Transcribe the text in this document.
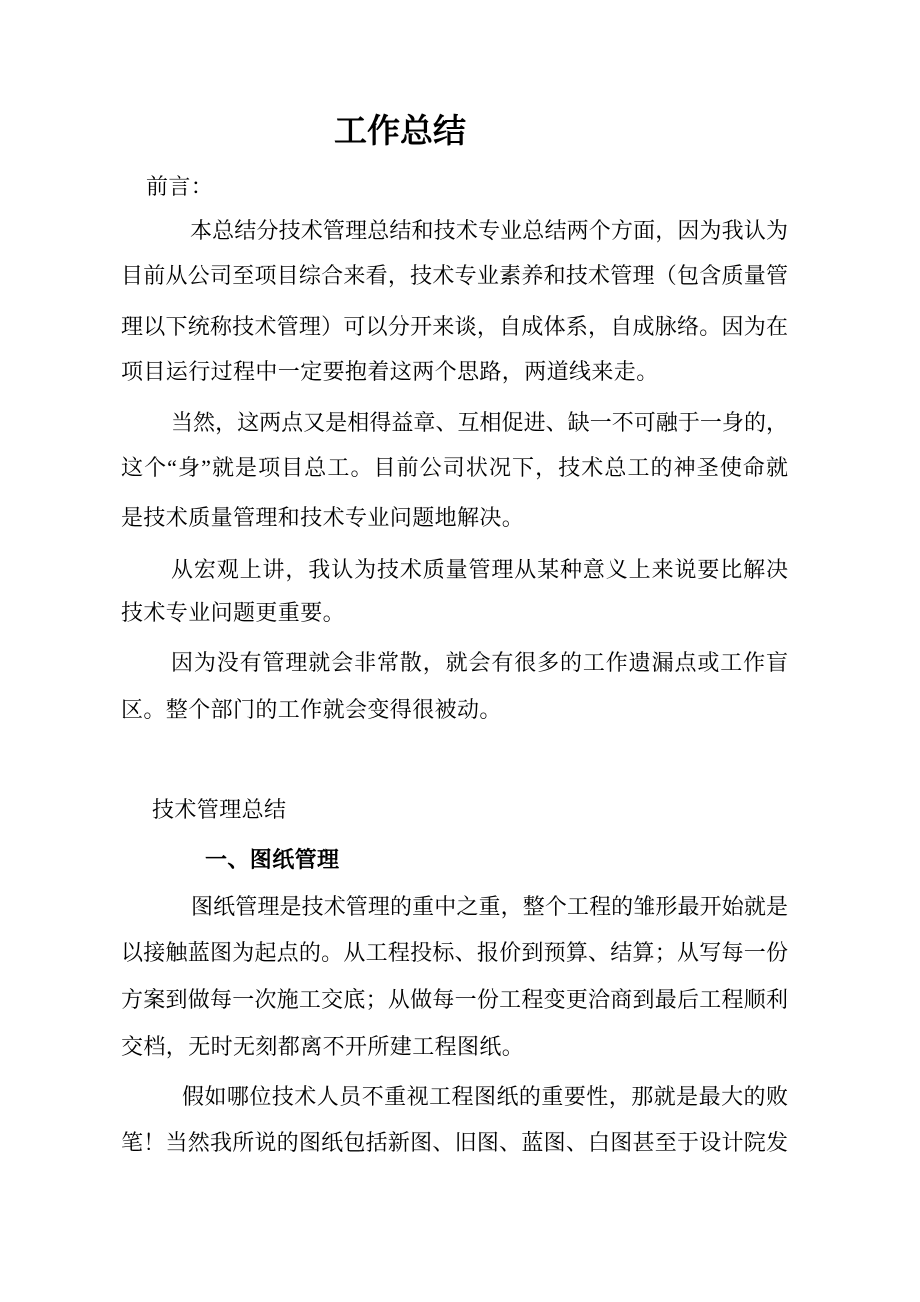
工作总结
前言：
本总结分技术管理总结和技术专业总结两个方面，因为我认为
目前从公司至项目综合来看，技术专业素养和技术管理（包含质量管
理以下统称技术管理）可以分开来谈，自成体系，自成脉络。因为在
项目运行过程中一定要抱着这两个思路，两道线来走。
当然，这两点又是相得益章、互相促进、缺一不可融于一身的，
这个“身”就是项目总工。目前公司状况下，技术总工的神圣使命就
是技术质量管理和技术专业问题地解决。
从宏观上讲，我认为技术质量管理从某种意义上来说要比解决
技术专业问题更重要。
因为没有管理就会非常散，就会有很多的工作遗漏点或工作盲
区。整个部门的工作就会变得很被动。
技术管理总结
一、图纸管理
图纸管理是技术管理的重中之重，整个工程的雏形最开始就是
以接触蓝图为起点的。从工程投标、报价到预算、结算；从写每一份
方案到做每一次施工交底；从做每一份工程变更洽商到最后工程顺利
交档，无时无刻都离不开所建工程图纸。
假如哪位技术人员不重视工程图纸的重要性，那就是最大的败
笔！当然我所说的图纸包括新图、旧图、蓝图、白图甚至于设计院发
